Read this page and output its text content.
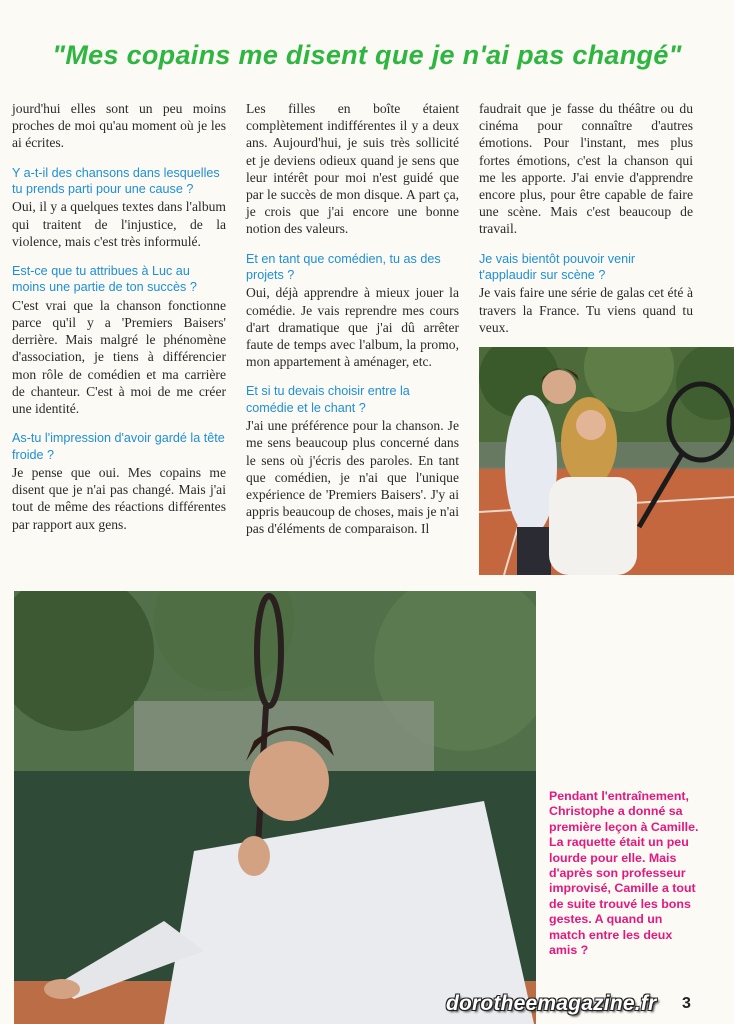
"Mes copains me disent que je n'ai pas changé"

jourd'hui elles sont un peu moins proches de moi qu'au moment où je les ai écrites.

Y a-t-il des chansons dans lesquelles tu prends parti pour une cause ?

Oui, il y a quelques textes dans l'album qui traitent de l'injustice, de la violence, mais c'est très informulé.

Est-ce que tu attribues à Luc au moins une partie de ton succès ?

C'est vrai que la chanson fonctionne parce qu'il y a 'Premiers Baisers' derrière. Mais malgré le phénomène d'association, je tiens à différencier mon rôle de comédien et ma carrière de chanteur. C'est à moi de me créer une identité.

As-tu l'impression d'avoir gardé la tête froide ?

Je pense que oui. Mes copains me disent que je n'ai pas changé. Mais j'ai tout de même des réactions différentes par rapport aux gens.

Les filles en boîte étaient complètement indifférentes il y a deux ans. Aujourd'hui, je suis très sollicité et je deviens odieux quand je sens que leur intérêt pour moi n'est guidé que par le succès de mon disque. A part ça, je crois que j'ai encore une bonne notion des valeurs.

Et en tant que comédien, tu as des projets ?

Oui, déjà apprendre à mieux jouer la comédie. Je vais reprendre mes cours d'art dramatique que j'ai dû arrêter faute de temps avec l'album, la promo, mon appartement à aménager, etc.

Et si tu devais choisir entre la comédie et le chant ?

J'ai une préférence pour la chanson. Je me sens beaucoup plus concerné dans le sens où j'écris des paroles. En tant que comédien, je n'ai que l'unique expérience de 'Premiers Baisers'. J'y ai appris beaucoup de choses, mais je n'ai pas d'éléments de comparaison. Il

faudrait que je fasse du théâtre ou du cinéma pour connaître d'autres émotions. Pour l'instant, mes plus fortes émotions, c'est la chanson qui me les apporte. J'ai envie d'apprendre encore plus, pour être capable de faire une scène. Mais c'est beaucoup de travail.

Je vais bientôt pouvoir venir t'applaudir sur scène ?

Je vais faire une série de galas cet été à travers la France. Tu viens quand tu veux.

Pendant l'entraînement, Christophe a donné sa première leçon à Camille. La raquette était un peu lourde pour elle. Mais d'après son professeur improvisé, Camille a tout de suite trouvé les bons gestes. A quand un match entre les deux amis ?
3
dorotheemagazine.fr
